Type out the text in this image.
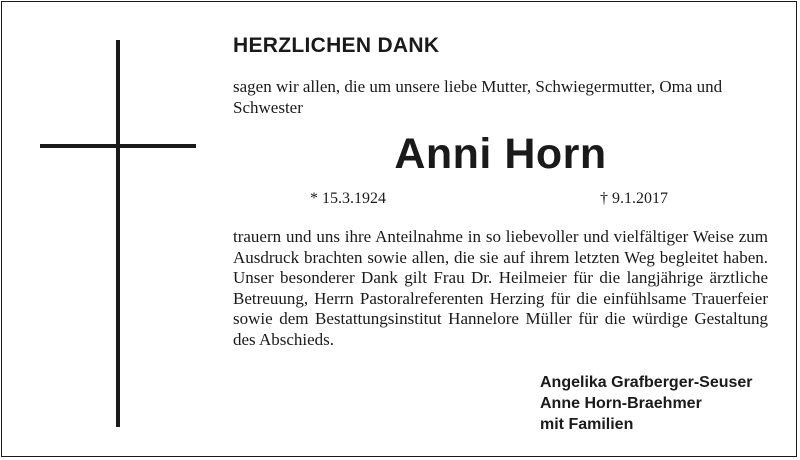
HERZLICHEN DANK

sagen wir allen, die um unsere liebe Mutter, Schwiegermutter, Oma und Schwester

Anni Horn
* 15.3.1924	† 9.1.2017

trauern und uns ihre Anteilnahme in so liebevoller und vielfältiger Weise zum Ausdruck brachten sowie allen, die sie auf ihrem letzten Weg begleitet haben. Unser besonderer Dank gilt Frau Dr. Heilmeier für die langjährige ärztliche Betreuung, Herrn Pastoralreferenten Herzing für die einfühlsame Trauerfeier sowie dem Bestattungsinstitut Hannelore Müller für die würdige Gestaltung des Abschieds.

Angelika Grafberger-Seuser
Anne Horn-Braehmer
mit Familien
